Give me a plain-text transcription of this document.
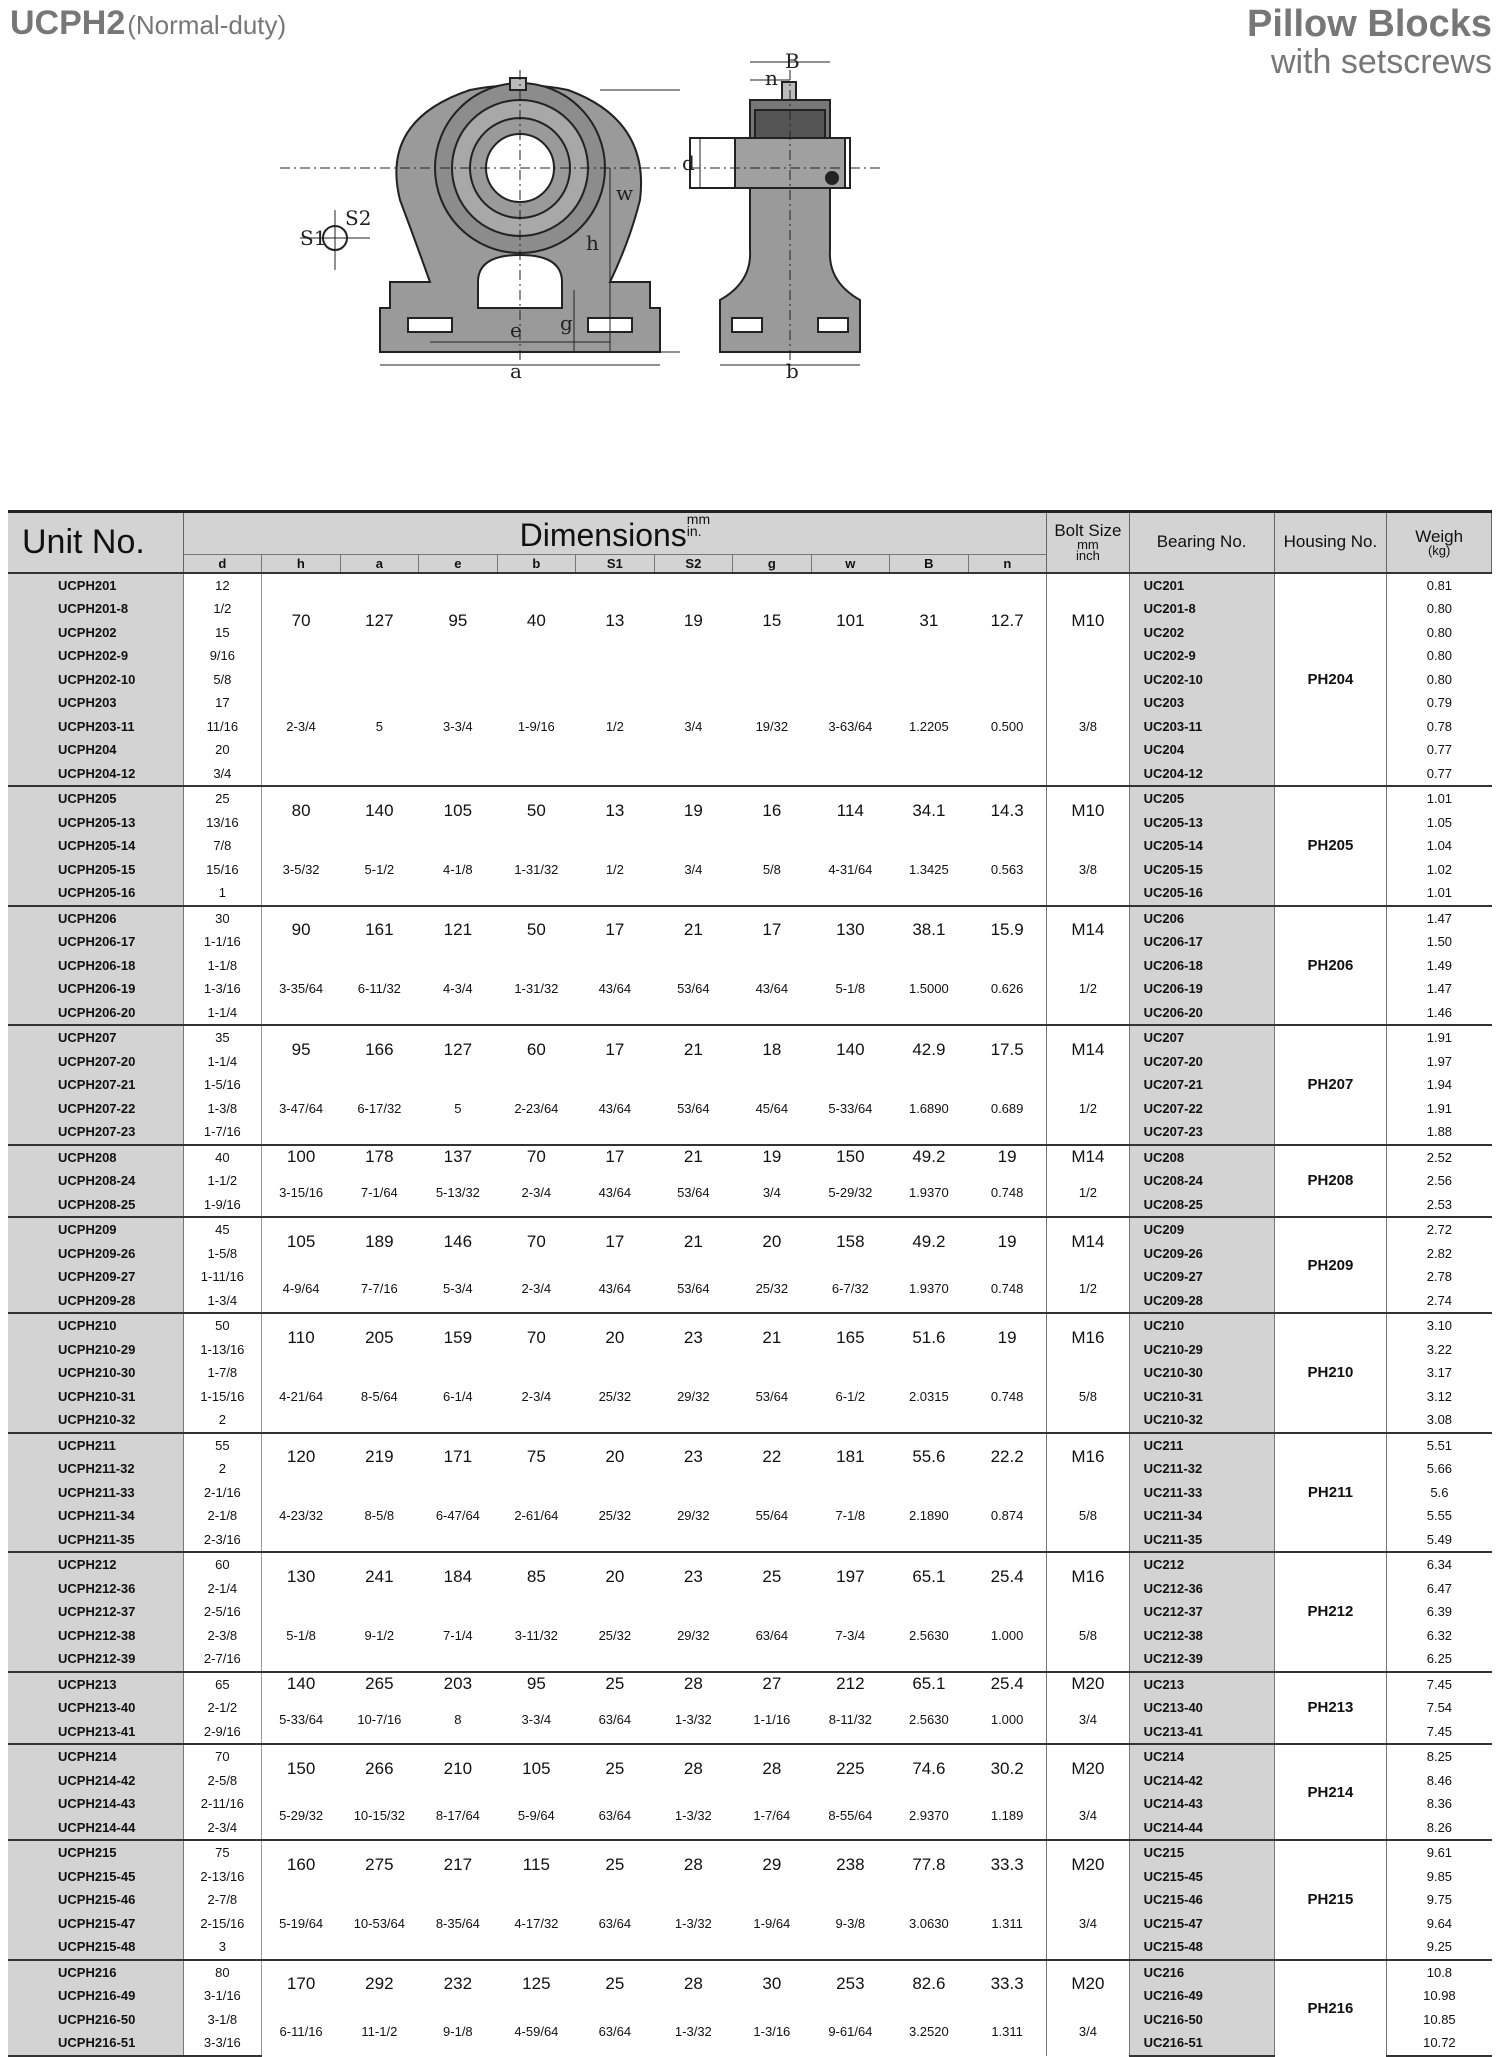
UCPH2(Normal-duty)	Pillow Blocks
with setscrews
S2
S1	h
w
g
e
a
B
n
d
b
Unit No.	Dimensionsmm
in.											Bolt Size
mm
inch	Bearing No.	Housing No.	Weigh

(kg)

	d	h	a	e	b	S1	S2	g	w	B	n				
UCPH201	12	70	127	95	40	13	19	15	101	31	12.7	M10	UC201	PH204	0.81
UCPH201-8	1/2												UC201-8		0.80
UCPH202	15												UC202		0.80
UCPH202-9	9/16												UC202-9		0.80
UCPH202-10	5/8	2-3/4	5	3-3/4	1-9/16	1/2	3/4	19/32	3-63/64	1.2205	0.500	3/8	UC202-10		0.80
UCPH203	17												UC203		0.79
UCPH203-11	11/16												UC203-11		0.78
UCPH204	20												UC204		0.77
UCPH204-12	3/4												UC204-12		0.77
UCPH205	25	80	140	105	50	13	19	16	114	34.1	14.3	M10	UC205	PH205	1.01
UCPH205-13	13/16												UC205-13		1.05
UCPH205-14	7/8	3-5/32	5-1/2	4-1/8	1-31/32	1/2	3/4	5/8	4-31/64	1.3425	0.563	3/8	UC205-14		1.04
UCPH205-15	15/16												UC205-15		1.02
UCPH205-16	1												UC205-16		1.01
UCPH206	30	90	161	121	50	17	21	17	130	38.1	15.9	M14	UC206	PH206	1.47
UCPH206-17	1-1/16												UC206-17		1.50
UCPH206-18	1-1/8	3-35/64	6-11/32	4-3/4	1-31/32	43/64	53/64	43/64	5-1/8	1.5000	0.626	1/2	UC206-18		1.49
UCPH206-19	1-3/16												UC206-19		1.47
UCPH206-20	1-1/4												UC206-20		1.46
UCPH207	35	95	166	127	60	17	21	18	140	42.9	17.5	M14	UC207	PH207	1.91
UCPH207-20	1-1/4												UC207-20		1.97
UCPH207-21	1-5/16	3-47/64	6-17/32	5	2-23/64	43/64	53/64	45/64	5-33/64	1.6890	0.689	1/2	UC207-21		1.94
UCPH207-22	1-3/8												UC207-22		1.91
UCPH207-23	1-7/16												UC207-23		1.88
UCPH208	40	100	178	137	70	17	21	19	150	49.2	19	M14	UC208	PH208	2.52
UCPH208-24	1-1/2	3-15/16	7-1/64	5-13/32	2-3/4	43/64	53/64	3/4	5-29/32	1.9370	0.748	1/2	UC208-24		2.56
UCPH208-25	1-9/16												UC208-25		2.53
UCPH209	45	105	189	146	70	17	21	20	158	49.2	19	M14	UC209	PH209	2.72
UCPH209-26	1-5/8												UC209-26		2.82
UCPH209-27	1-11/16	4-9/64	7-7/16	5-3/4	2-3/4	43/64	53/64	25/32	6-7/32	1.9370	0.748	1/2	UC209-27		2.78
UCPH209-28	1-3/4												UC209-28		2.74
UCPH210	50	110	205	159	70	20	23	21	165	51.6	19	M16	UC210	PH210	3.10
UCPH210-29	1-13/16												UC210-29		3.22
UCPH210-30	1-7/8	4-21/64	8-5/64	6-1/4	2-3/4	25/32	29/32	53/64	6-1/2	2.0315	0.748	5/8	UC210-30		3.17
UCPH210-31	1-15/16												UC210-31		3.12
UCPH210-32	2												UC210-32		3.08
UCPH211	55	120	219	171	75	20	23	22	181	55.6	22.2	M16	UC211	PH211	5.51
UCPH211-32	2												UC211-32		5.66
UCPH211-33	2-1/16	4-23/32	8-5/8	6-47/64	2-61/64	25/32	29/32	55/64	7-1/8	2.1890	0.874	5/8	UC211-33		5.6
UCPH211-34	2-1/8												UC211-34		5.55
UCPH211-35	2-3/16												UC211-35		5.49
UCPH212	60	130	241	184	85	20	23	25	197	65.1	25.4	M16	UC212	PH212	6.34
UCPH212-36	2-1/4												UC212-36		6.47
UCPH212-37	2-5/16	5-1/8	9-1/2	7-1/4	3-11/32	25/32	29/32	63/64	7-3/4	2.5630	1.000	5/8	UC212-37		6.39
UCPH212-38	2-3/8												UC212-38		6.32
UCPH212-39	2-7/16												UC212-39		6.25
UCPH213	65	140	265	203	95	25	28	27	212	65.1	25.4	M20	UC213	PH213	7.45
UCPH213-40	2-1/2	5-33/64	10-7/16	8	3-3/4	63/64	1-3/32	1-1/16	8-11/32	2.5630	1.000	3/4	UC213-40		7.54
UCPH213-41	2-9/16												UC213-41		7.45
UCPH214	70	150	266	210	105	25	28	28	225	74.6	30.2	M20	UC214	PH214	8.25
UCPH214-42	2-5/8												UC214-42		8.46
UCPH214-43	2-11/16	5-29/32	10-15/32	8-17/64	5-9/64	63/64	1-3/32	1-7/64	8-55/64	2.9370	1.189	3/4	UC214-43		8.36
UCPH214-44	2-3/4												UC214-44		8.26
UCPH215	75	160	275	217	115	25	28	29	238	77.8	33.3	M20	UC215	PH215	9.61
UCPH215-45	2-13/16												UC215-45		9.85
UCPH215-46	2-7/8	5-19/64	10-53/64	8-35/64	4-17/32	63/64	1-3/32	1-9/64	9-3/8	3.0630	1.311	3/4	UC215-46		9.75
UCPH215-47	2-15/16												UC215-47		9.64
UCPH215-48	3												UC215-48		9.25
UCPH216	80	170	292	232	125	25	28	30	253	82.6	33.3	M20	UC216	PH216	10.8
UCPH216-49	3-1/16												UC216-49		10.98
UCPH216-50	3-1/8	6-11/16	11-1/2	9-1/8	4-59/64	63/64	1-3/32	1-3/16	9-61/64	3.2520	1.311	3/4	UC216-50		10.85
UCPH216-51	3-3/16												UC216-51		10.72
